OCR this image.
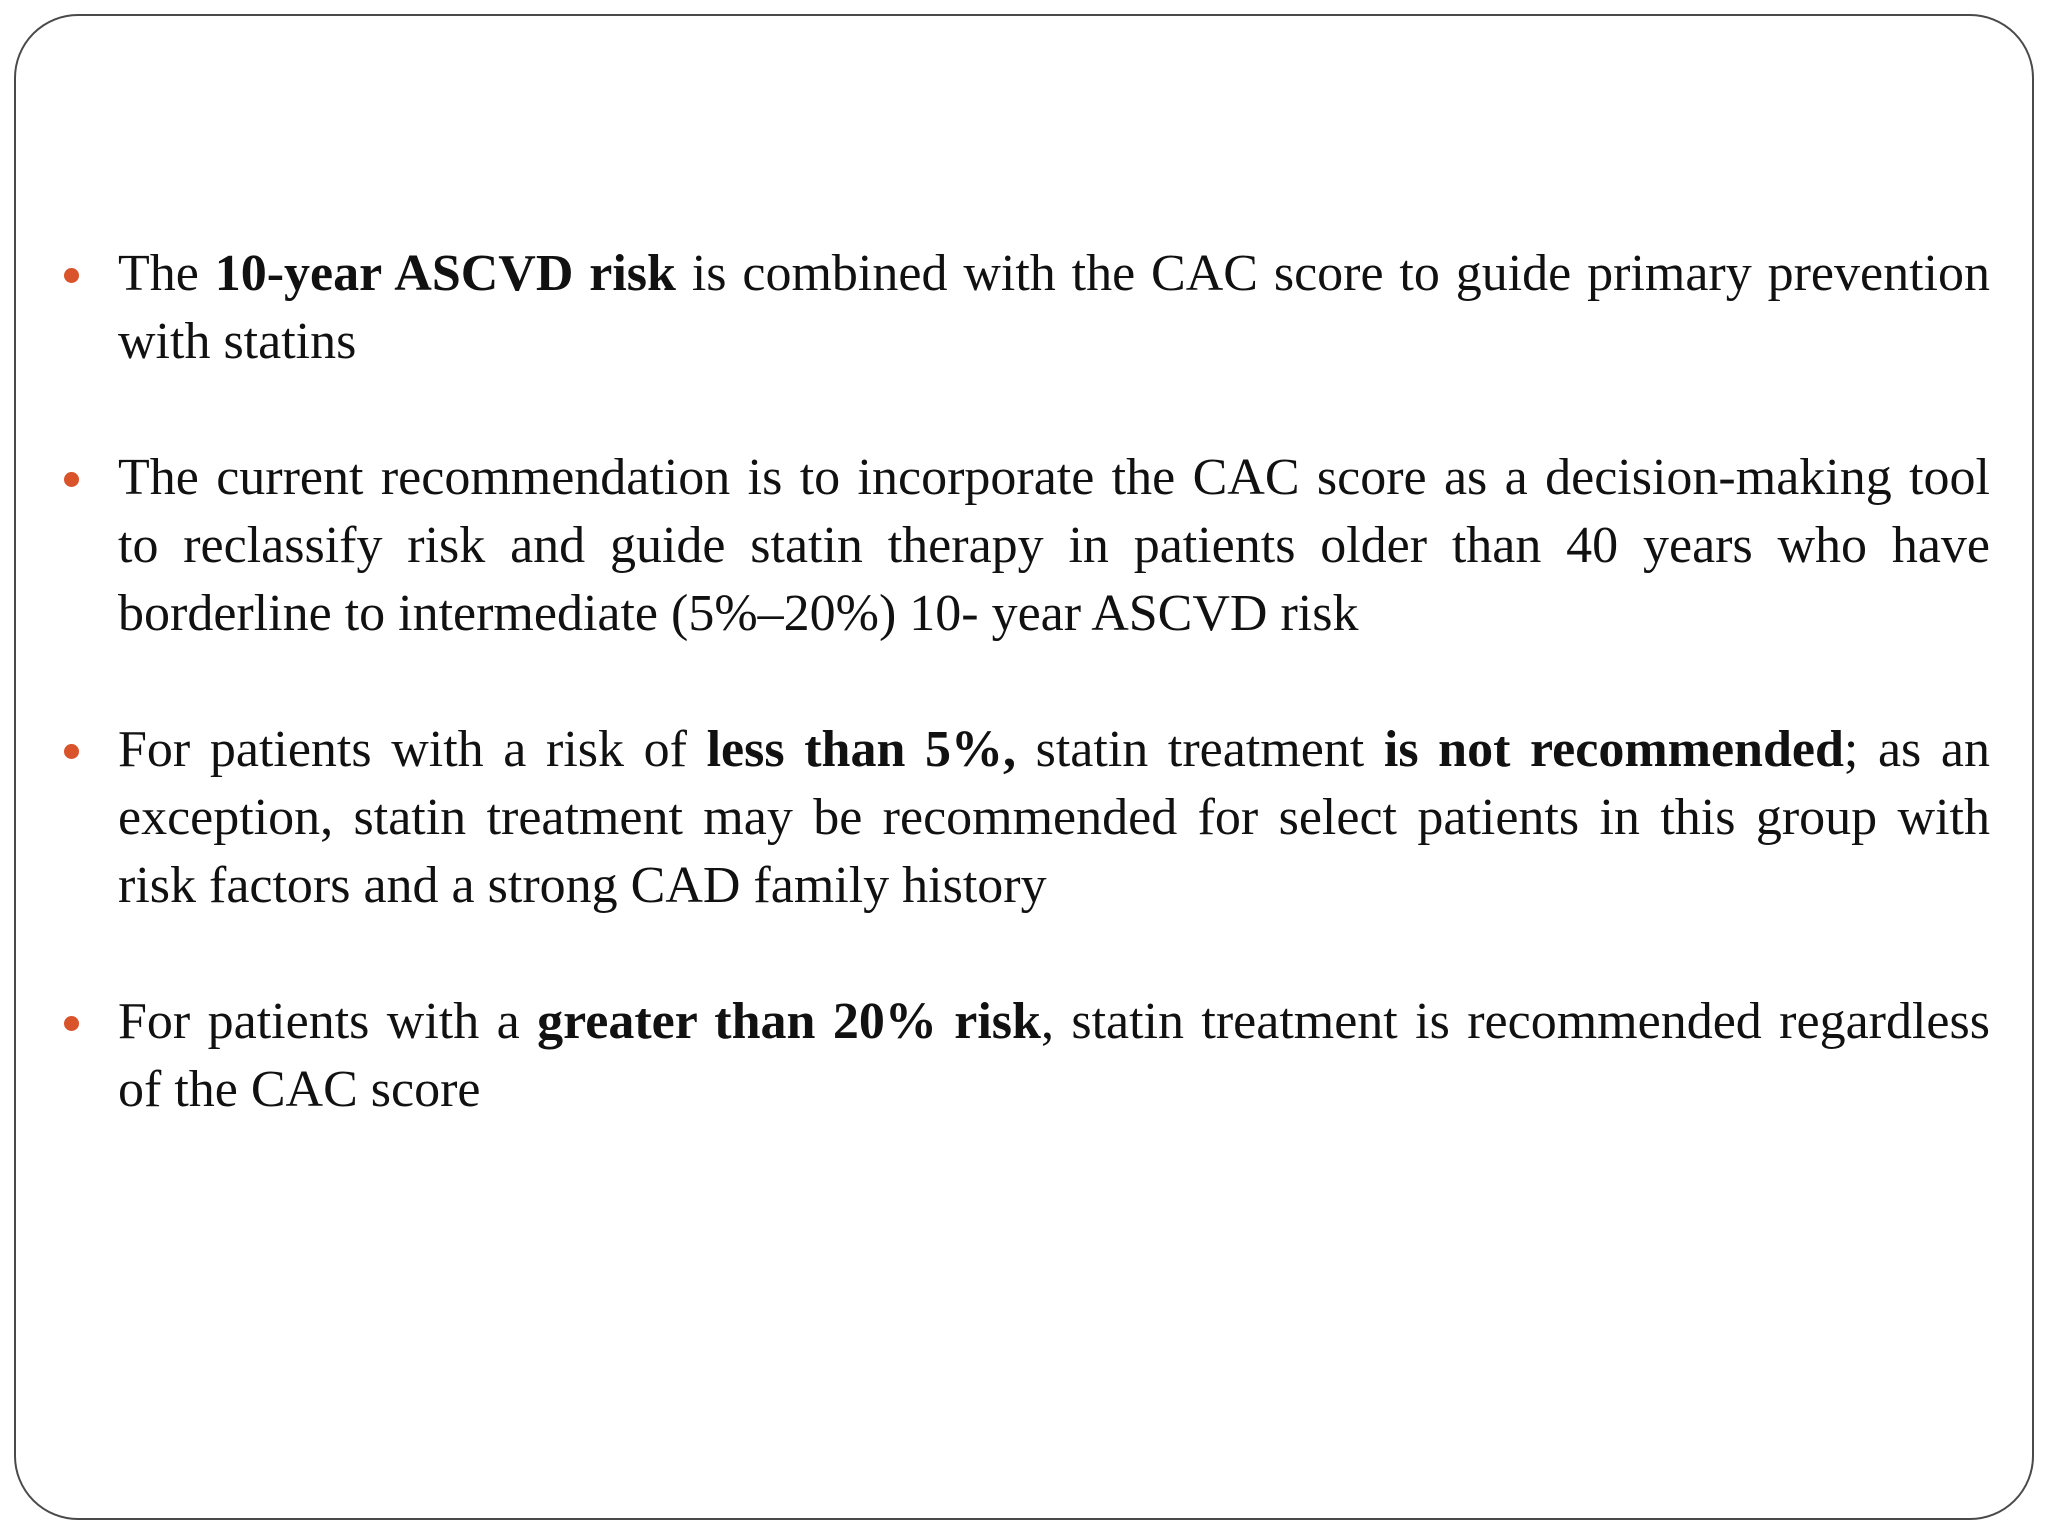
The 10-year ASCVD risk is combined with the CAC score to guide primary prevention with statins

The current recommendation is to incorporate the CAC score as a decision-making tool to reclassify risk and guide statin therapy in patients older than 40 years who have borderline to intermediate (5%–20%) 10- year ASCVD risk

For patients with a risk of less than 5%, statin treatment is not recommended; as an exception, statin treatment may be recommended for select patients in this group with risk factors and a strong CAD family history

For patients with a greater than 20% risk, statin treatment is recommended regardless of the CAC score
